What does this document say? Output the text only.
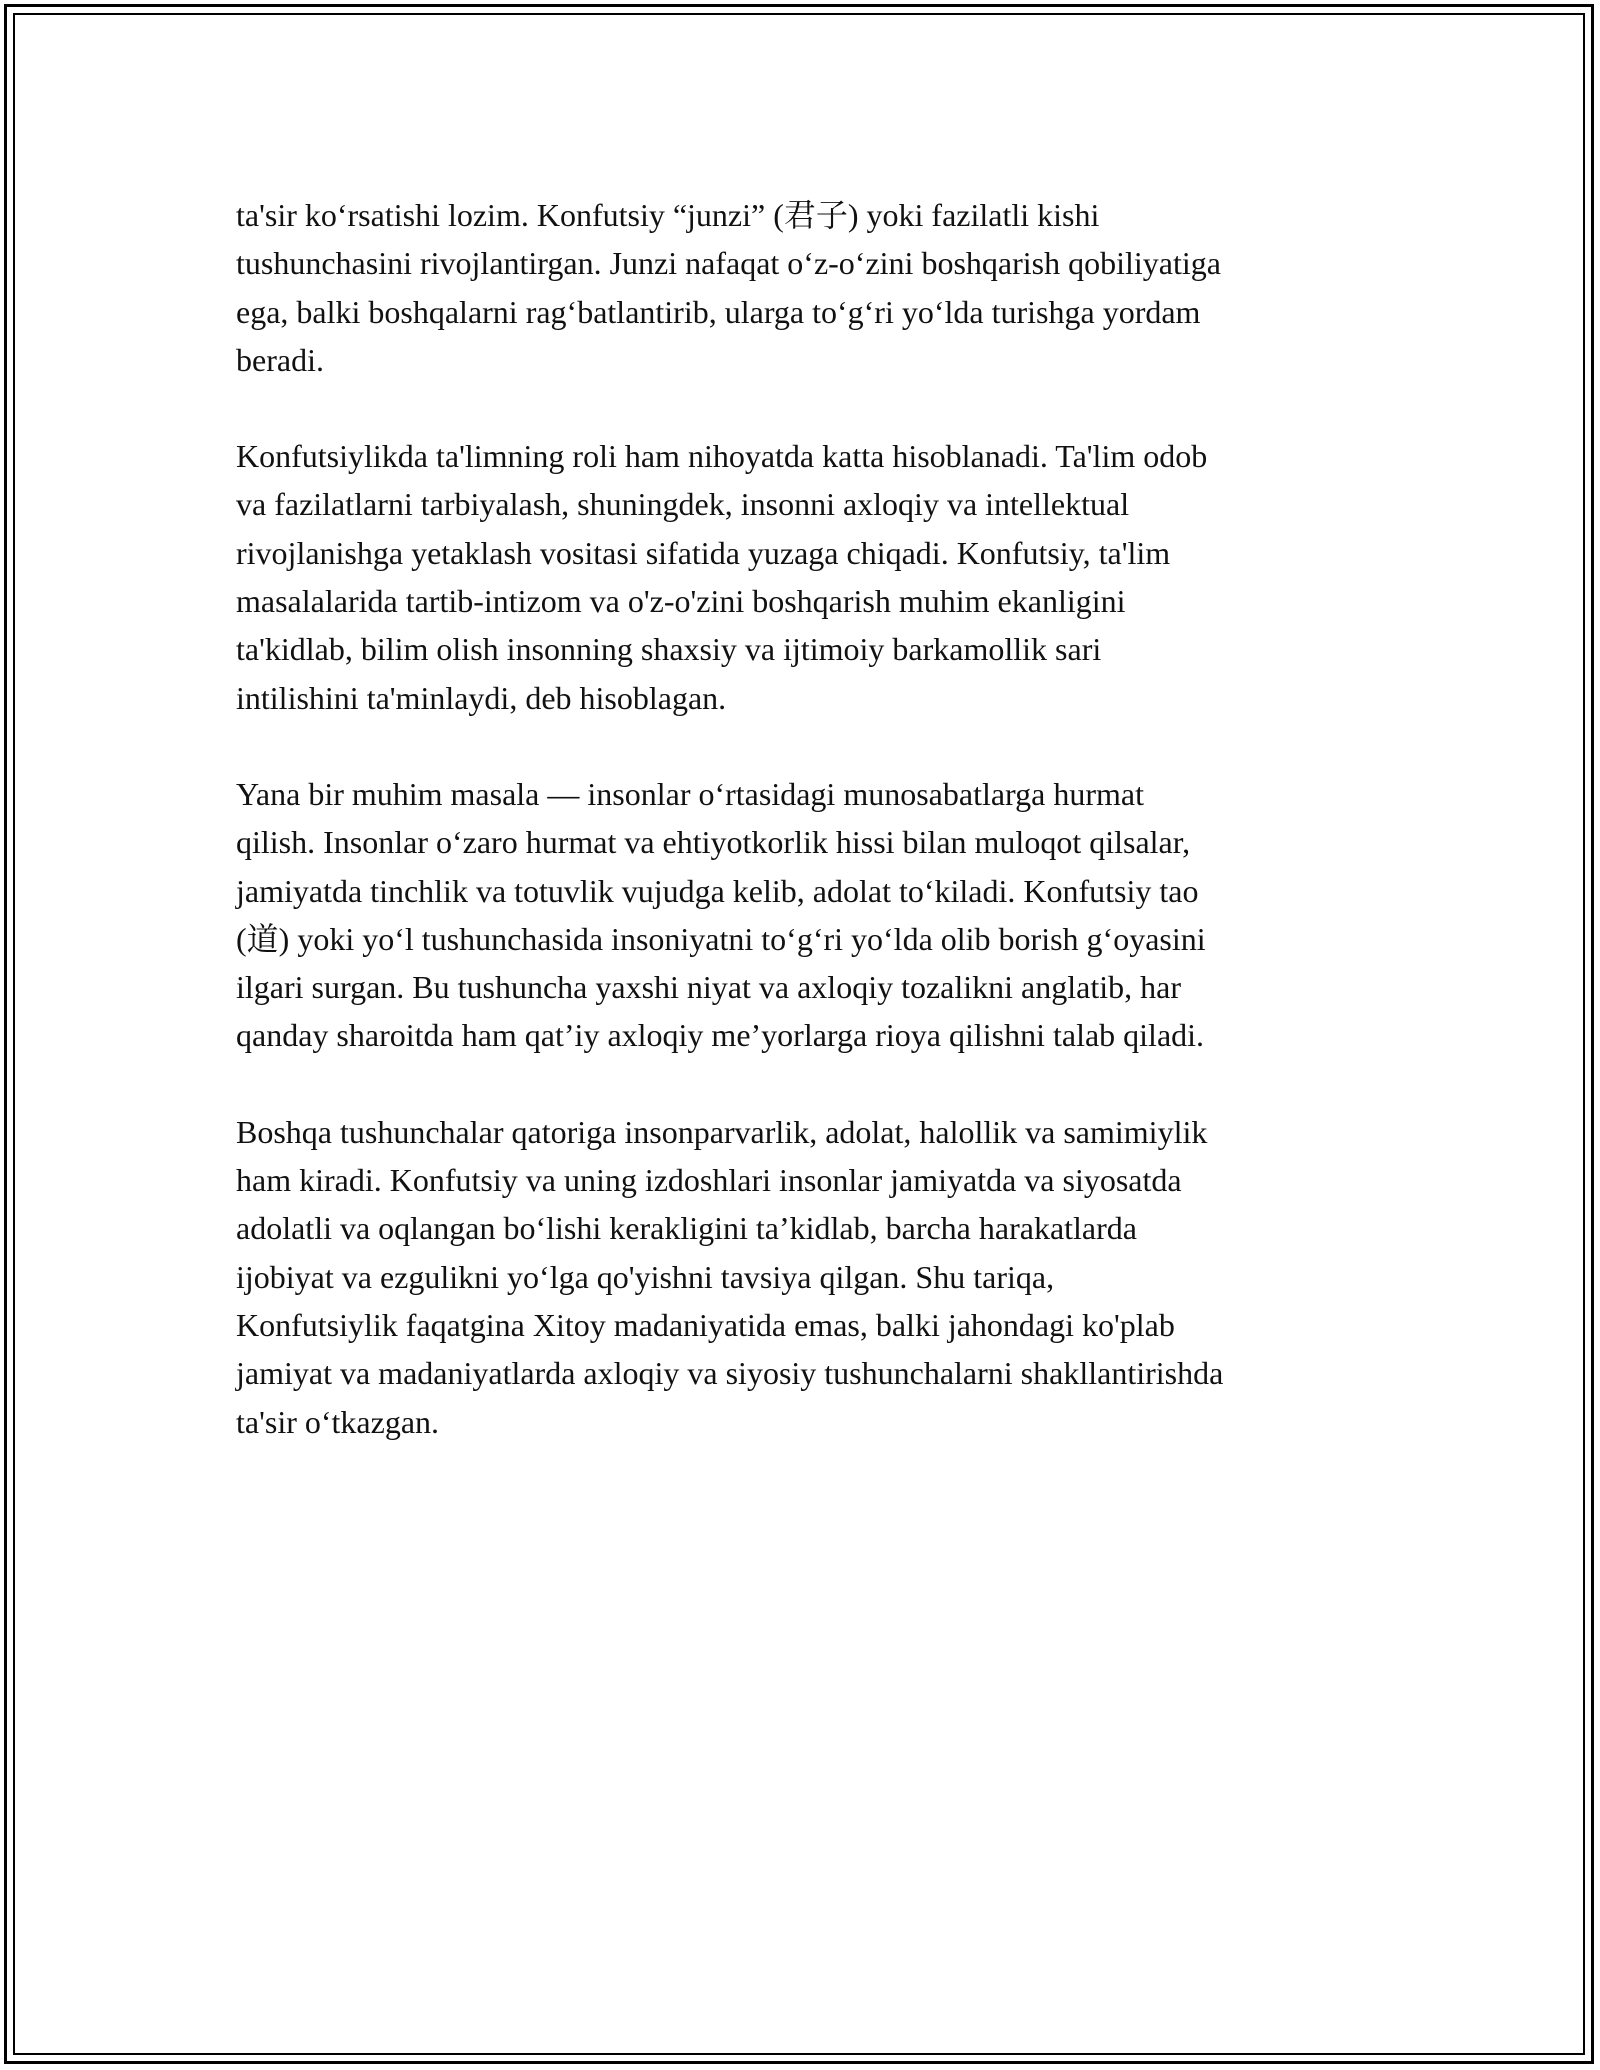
ta'sir koʻrsatishi lozim. Konfutsiy “junzi” (君子) yoki fazilatli kishi
tushunchasini rivojlantirgan. Junzi nafaqat oʻz-oʻzini boshqarish qobiliyatiga
ega, balki boshqalarni ragʻbatlantirib, ularga toʻgʻri yoʻlda turishga yordam
beradi.

Konfutsiylikda ta'limning roli ham nihoyatda katta hisoblanadi. Ta'lim odob
va fazilatlarni tarbiyalash, shuningdek, insonni axloqiy va intellektual
rivojlanishga yetaklash vositasi sifatida yuzaga chiqadi. Konfutsiy, ta'lim
masalalarida tartib-intizom va o'z-o'zini boshqarish muhim ekanligini
ta'kidlab, bilim olish insonning shaxsiy va ijtimoiy barkamollik sari
intilishini ta'minlaydi, deb hisoblagan.

Yana bir muhim masala — insonlar oʻrtasidagi munosabatlarga hurmat
qilish. Insonlar oʻzaro hurmat va ehtiyotkorlik hissi bilan muloqot qilsalar,
jamiyatda tinchlik va totuvlik vujudga kelib, adolat toʻkiladi. Konfutsiy tao
(道) yoki yoʻl tushunchasida insoniyatni toʻgʻri yoʻlda olib borish gʻoyasini
ilgari surgan. Bu tushuncha yaxshi niyat va axloqiy tozalikni anglatib, har
qanday sharoitda ham qat’iy axloqiy me’yorlarga rioya qilishni talab qiladi.

Boshqa tushunchalar qatoriga insonparvarlik, adolat, halollik va samimiylik
ham kiradi. Konfutsiy va uning izdoshlari insonlar jamiyatda va siyosatda
adolatli va oqlangan boʻlishi kerakligini ta’kidlab, barcha harakatlarda
ijobiyat va ezgulikni yoʻlga qo'yishni tavsiya qilgan. Shu tariqa,
Konfutsiylik faqatgina Xitoy madaniyatida emas, balki jahondagi ko'plab
jamiyat va madaniyatlarda axloqiy va siyosiy tushunchalarni shakllantirishda
ta'sir oʻtkazgan.
